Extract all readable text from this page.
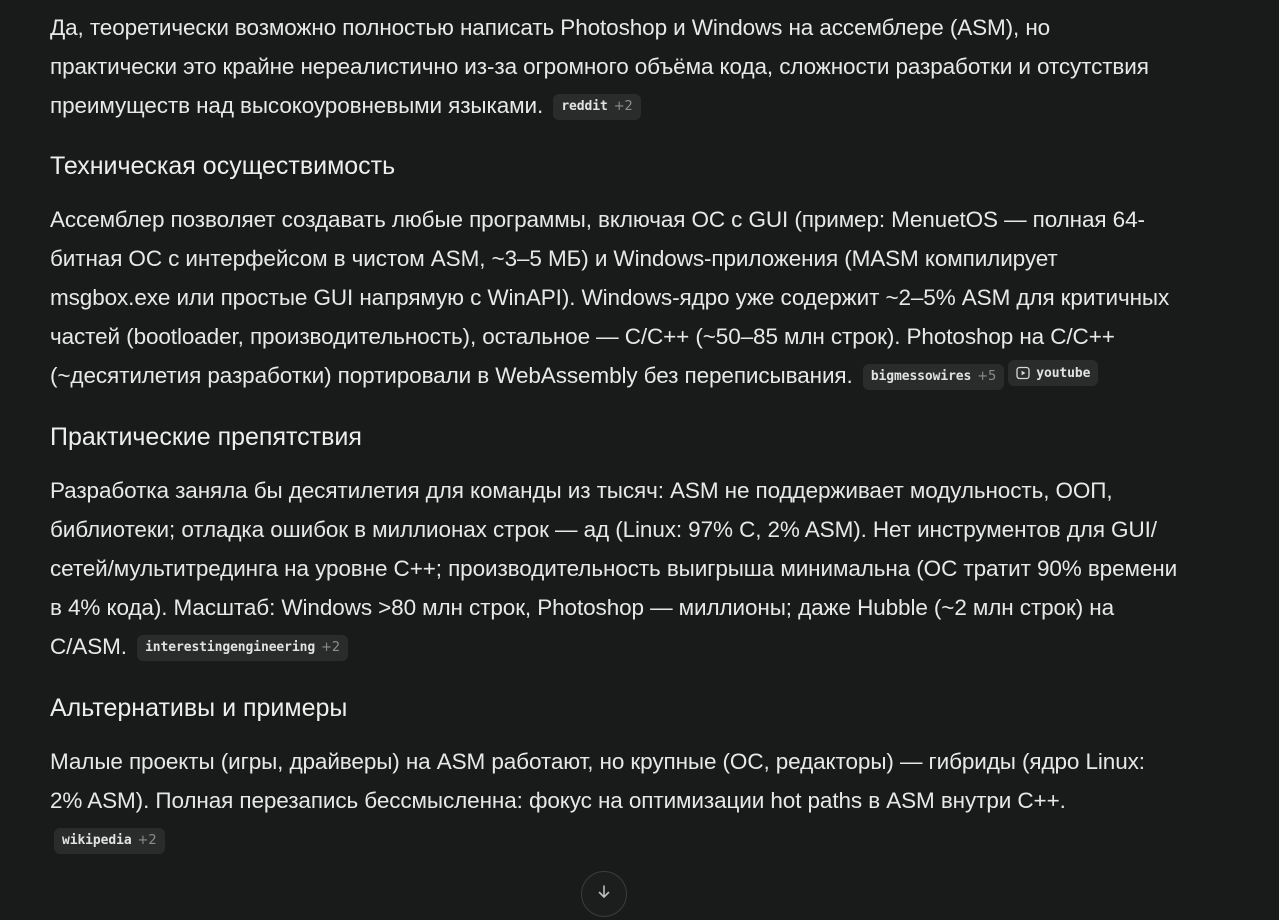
Да, теоретически возможно полностью написать Photoshop и Windows на ассемблере (ASM), но практически это крайне нереалистично из-за огромного объёма кода, сложности разработки и отсутствия преимуществ над высокоуровневыми языками. reddit +2

Техническая осуществимость

Ассемблер позволяет создавать любые программы, включая ОС с GUI (пример: MenuetOS — полная 64-битная ОС с интерфейсом в чистом ASM, ~3–5 МБ) и Windows-приложения (MASM компилирует msgbox.exe или простые GUI напрямую с WinAPI). Windows-ядро уже содержит ~2–5% ASM для критичных частей (bootloader, производительность), остальное — C/C++ (~50–85 млн строк). Photoshop на C/C++ (~десятилетия разработки) портировали в WebAssembly без переписывания. bigmessowires +5	youtube

Практические препятствия

Разработка заняла бы десятилетия для команды из тысяч: ASM не поддерживает модульность, ООП, библиотеки; отладка ошибок в миллионах строк — ад (Linux: 97% C, 2% ASM). Нет инструментов для GUI/сетей/мультитрединга на уровне C++; производительность выигрыша минимальна (ОС тратит 90% времени в 4% кода). Масштаб: Windows >80 млн строк, Photoshop — миллионы; даже Hubble (~2 млн строк) на C/ASM. interestingengineering +2

Альтернативы и примеры

Малые проекты (игры, драйверы) на ASM работают, но крупные (ОС, редакторы) — гибриды (ядро Linux: 2% ASM). Полная перезапись бессмысленна: фокус на оптимизации hot paths в ASM внутри C++.
wikipedia +2
